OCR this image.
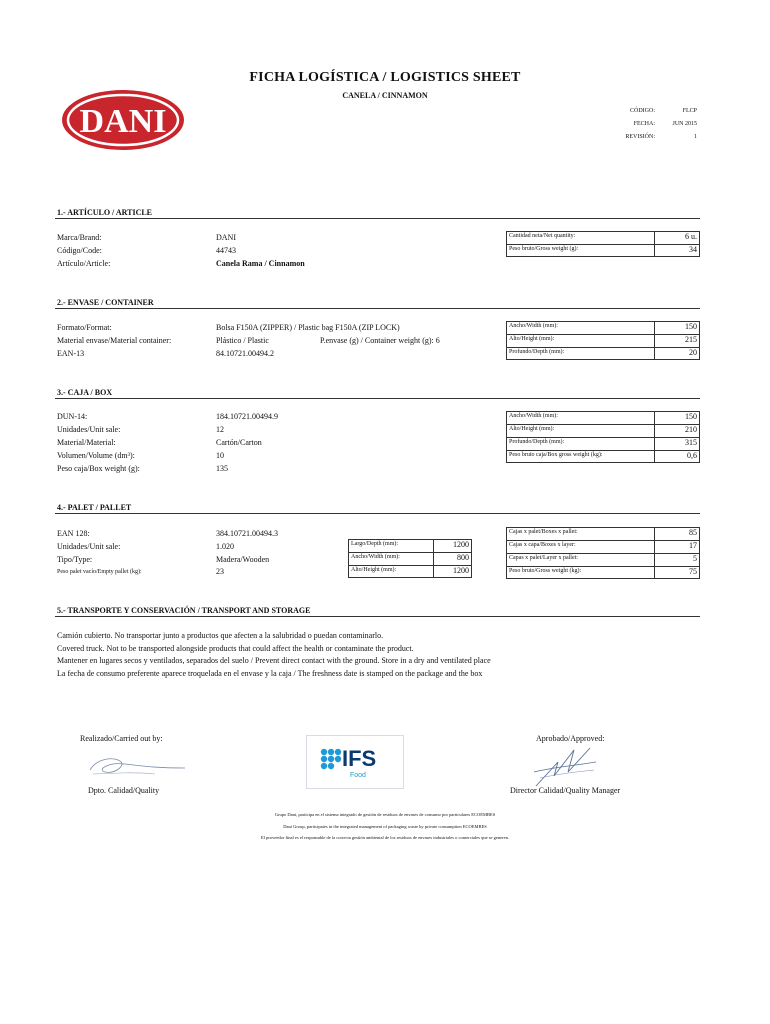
DANI
FICHA LOGÍSTICA / LOGISTICS SHEET
CANELA / CINNAMON
CÓDIGO:	FLCP
FECHA:	JUN 2015
REVISIÓN:	1
1.- ARTÍCULO / ARTICLE
Marca/Brand:	DANI
Código/Code:	44743
Artículo/Article:	Canela Rama / Cinnamon
Cantidad neta/Net quantity:	6 u.
Peso bruto/Gross weight (g):	34
2.- ENVASE / CONTAINER
Formato/Format:	Bolsa F150A (ZIPPER) / Plastic bag F150A (ZIP LOCK)
Material envase/Material container:	Plástico / Plastic	P.envase (g) / Container weight (g): 6
EAN-13	84.10721.00494.2
Ancho/Width (mm):	150
Alto/Height (mm):	215
Profundo/Depth (mm):	20
3.- CAJA / BOX
DUN-14:	184.10721.00494.9
Unidades/Unit sale:	12
Material/Material:	Cartón/Carton
Volumen/Volume (dm³):	10
Peso caja/Box weight (g):	135
Ancho/Width (mm):	150
Alto/Height (mm):	210
Profundo/Depth (mm):	315
Peso bruto caja/Box gross weight (kg):	0,6
4.- PALET / PALLET
EAN 128:	384.10721.00494.3
Unidades/Unit sale:	1.020
Tipo/Type:	Madera/Wooden
Peso palet vacío/Empty pallet (kg):	23
Largo/Depth (mm):	1200
Ancho/Width (mm):	800
Alto/Height (mm):	1200
Cajas x palet/Boxes x pallet:	85
Cajas x capa/Boxes x layer:	17
Capas x palet/Layer x pallet:	5
Peso bruto/Gross weight (kg):	75
5.- TRANSPORTE Y CONSERVACIÓN / TRANSPORT AND STORAGE
Camión cubierto. No transportar junto a productos que afecten a la salubridad o puedan contaminarlo.
Covered truck. Not to be transported alongside products that could affect the health or contaminate the product.
Mantener en lugares secos y ventilados, separados del suelo / Prevent direct contact with the ground. Store in a dry and ventilated place
La fecha de consumo preferente aparece troquelada en el envase y la caja / The freshness date is stamped on the package and the box
Realizado/Carried out by:
Dpto. Calidad/Quality
IFS
Food
Aprobado/Approved:
Director Calidad/Quality Manager
Grupo Dani, participa en el sistema integrado de gestión de residuos de envases de consumo por particulares ECOEMBES
Dani Group, participates in the integrated management of packaging waste by private consumption ECOEMBES
El proveedor final es el responsable de la correcta gestión ambiental de los residuos de envases industriales o comerciales que se generen.
